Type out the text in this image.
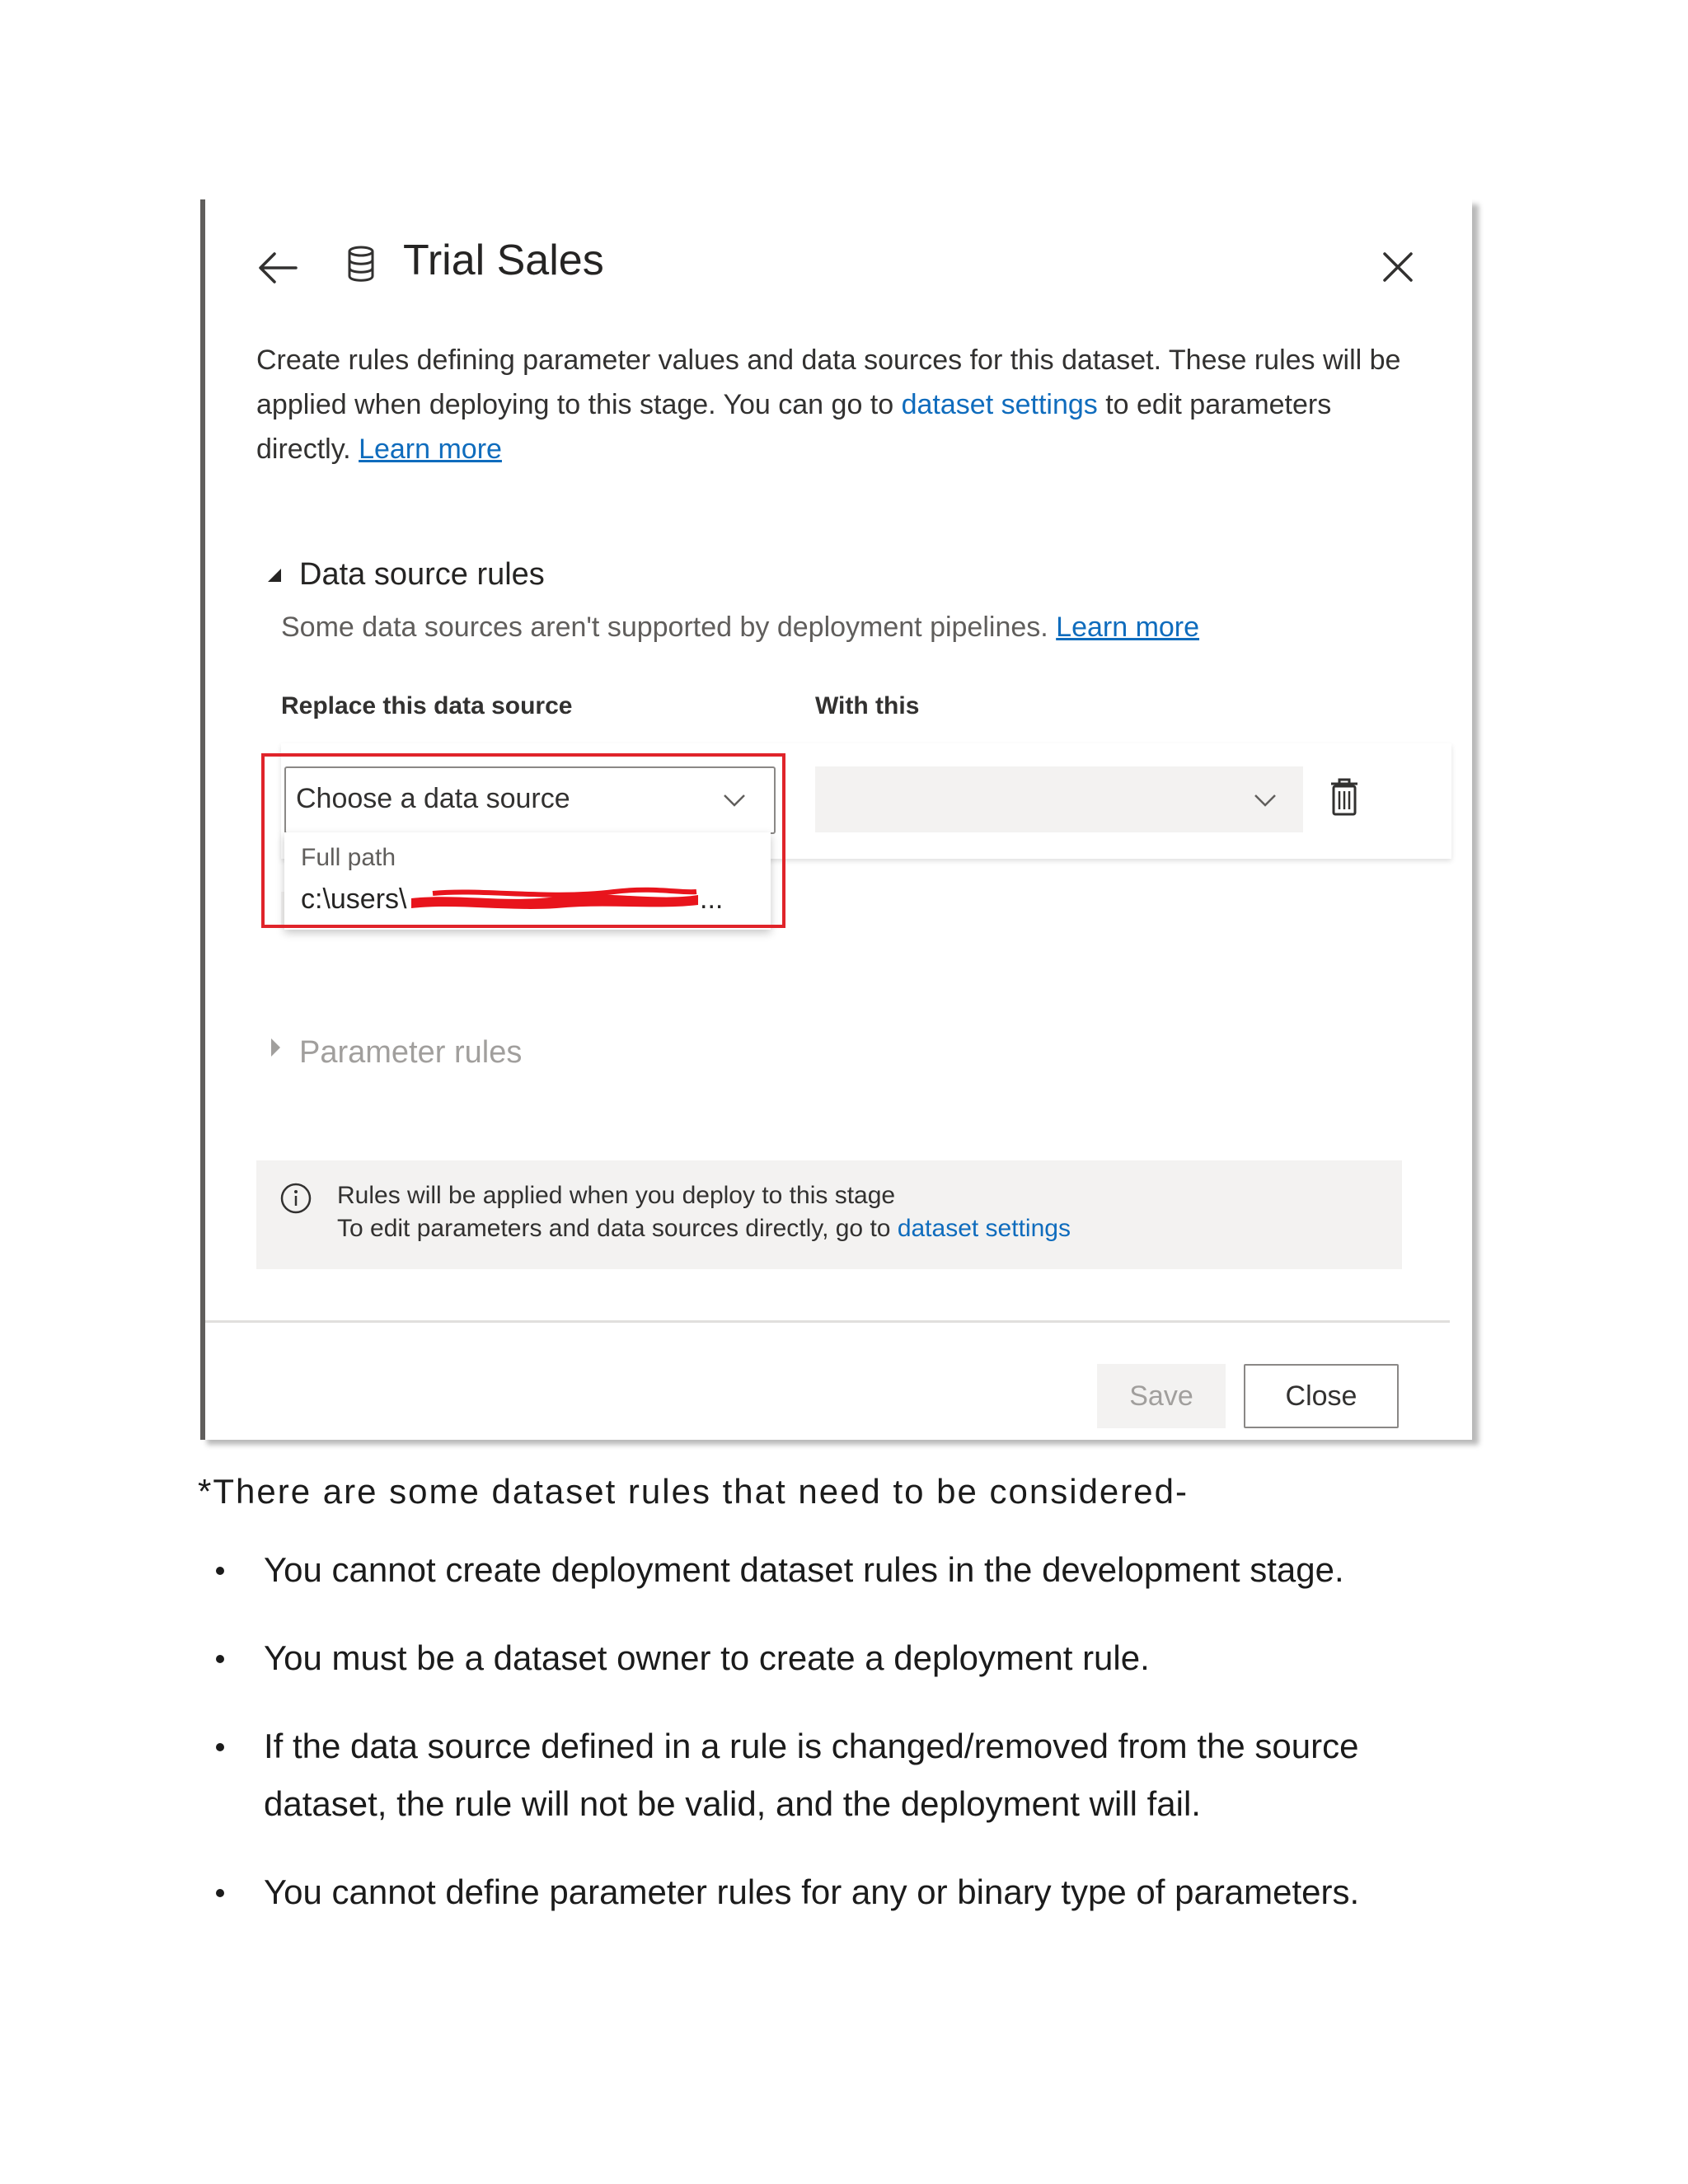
Trial Sales
Create rules defining parameter values and data sources for this dataset. These rules will be applied when deploying to this stage. You can go to dataset settings to edit parameters directly. Learn more
Data source rules
Some data sources aren't supported by deployment pipelines. Learn more
Replace this data source	With this
Choose a data source
Full path
c:\users\	...
Parameter rules
Rules will be applied when you deploy to this stage
To edit parameters and data sources directly, go to dataset settings
Save	Close
*There are some dataset rules that need to be considered-
You cannot create deployment dataset rules in the development stage.
You must be a dataset owner to create a deployment rule.
If the data source defined in a rule is changed/removed from the source dataset, the rule will not be valid, and the deployment will fail.
You cannot define parameter rules for any or binary type of parameters.
